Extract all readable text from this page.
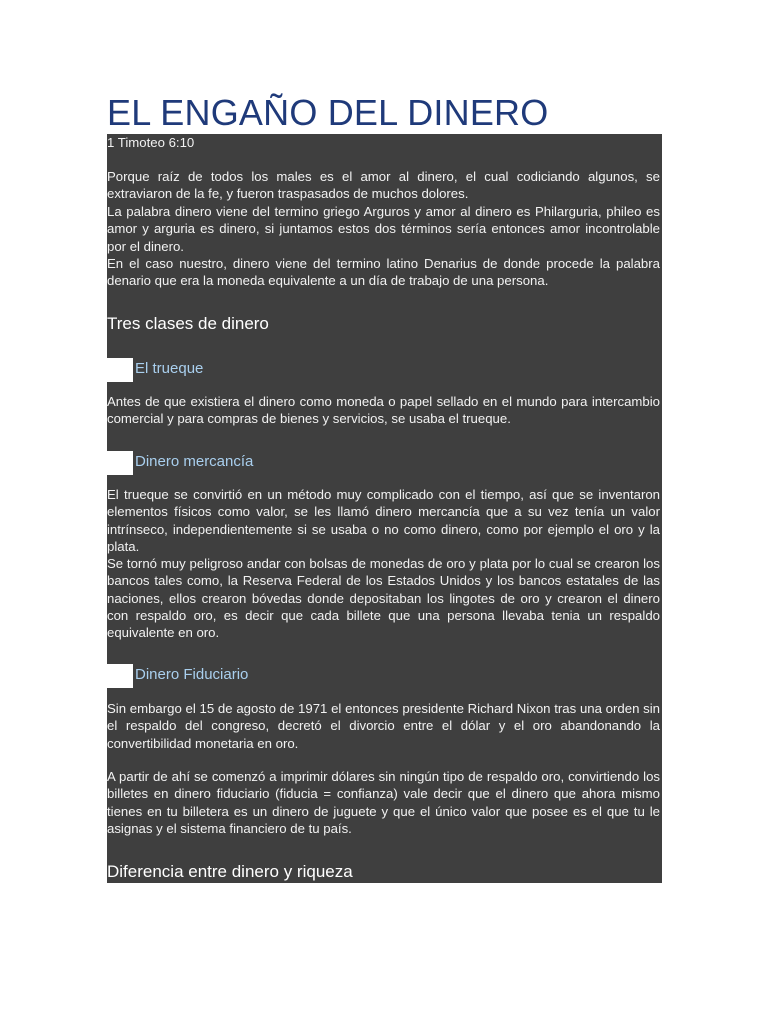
EL ENGAÑO DEL DINERO

1 Timoteo 6:10

Porque raíz de todos los males es el amor al dinero, el cual codiciando algunos, se extraviaron de la fe, y fueron traspasados de muchos dolores.

La palabra dinero viene del termino griego Arguros y amor al dinero es Philarguria, phileo es amor y arguria es dinero, si juntamos estos dos términos sería entonces amor incontrolable por el dinero.

En el caso nuestro, dinero viene del termino latino Denarius de donde procede la palabra denario que era la moneda equivalente a un día de trabajo de una persona.

Tres clases de dinero
El trueque

Antes de que existiera el dinero como moneda o papel sellado en el mundo para intercambio comercial y para compras de bienes y servicios, se usaba el trueque.

Dinero mercancía

El trueque se convirtió en un método muy complicado con el tiempo, así que se inventaron elementos físicos como valor, se les llamó dinero mercancía que a su vez tenía un valor intrínseco, independientemente si se usaba o no como dinero, como por ejemplo el oro y la plata.

Se tornó muy peligroso andar con bolsas de monedas de oro y plata por lo cual se crearon los bancos tales como, la Reserva Federal de los Estados Unidos y los bancos estatales de las naciones, ellos crearon bóvedas donde depositaban los lingotes de oro y crearon el dinero con respaldo oro, es decir que cada billete que una persona llevaba tenia un respaldo equivalente en oro.

Dinero Fiduciario

Sin embargo el 15 de agosto de 1971 el entonces presidente Richard Nixon tras una orden sin el respaldo del congreso, decretó el divorcio entre el dólar y el oro abandonando la convertibilidad monetaria en oro.

A partir de ahí se comenzó a imprimir dólares sin ningún tipo de respaldo oro, convirtiendo los billetes en dinero fiduciario (fiducia = confianza) vale decir que el dinero que ahora mismo tienes en tu billetera es un dinero de juguete y que el único valor que posee es el que tu le asignas y el sistema financiero de tu país.

Diferencia entre dinero y riqueza
